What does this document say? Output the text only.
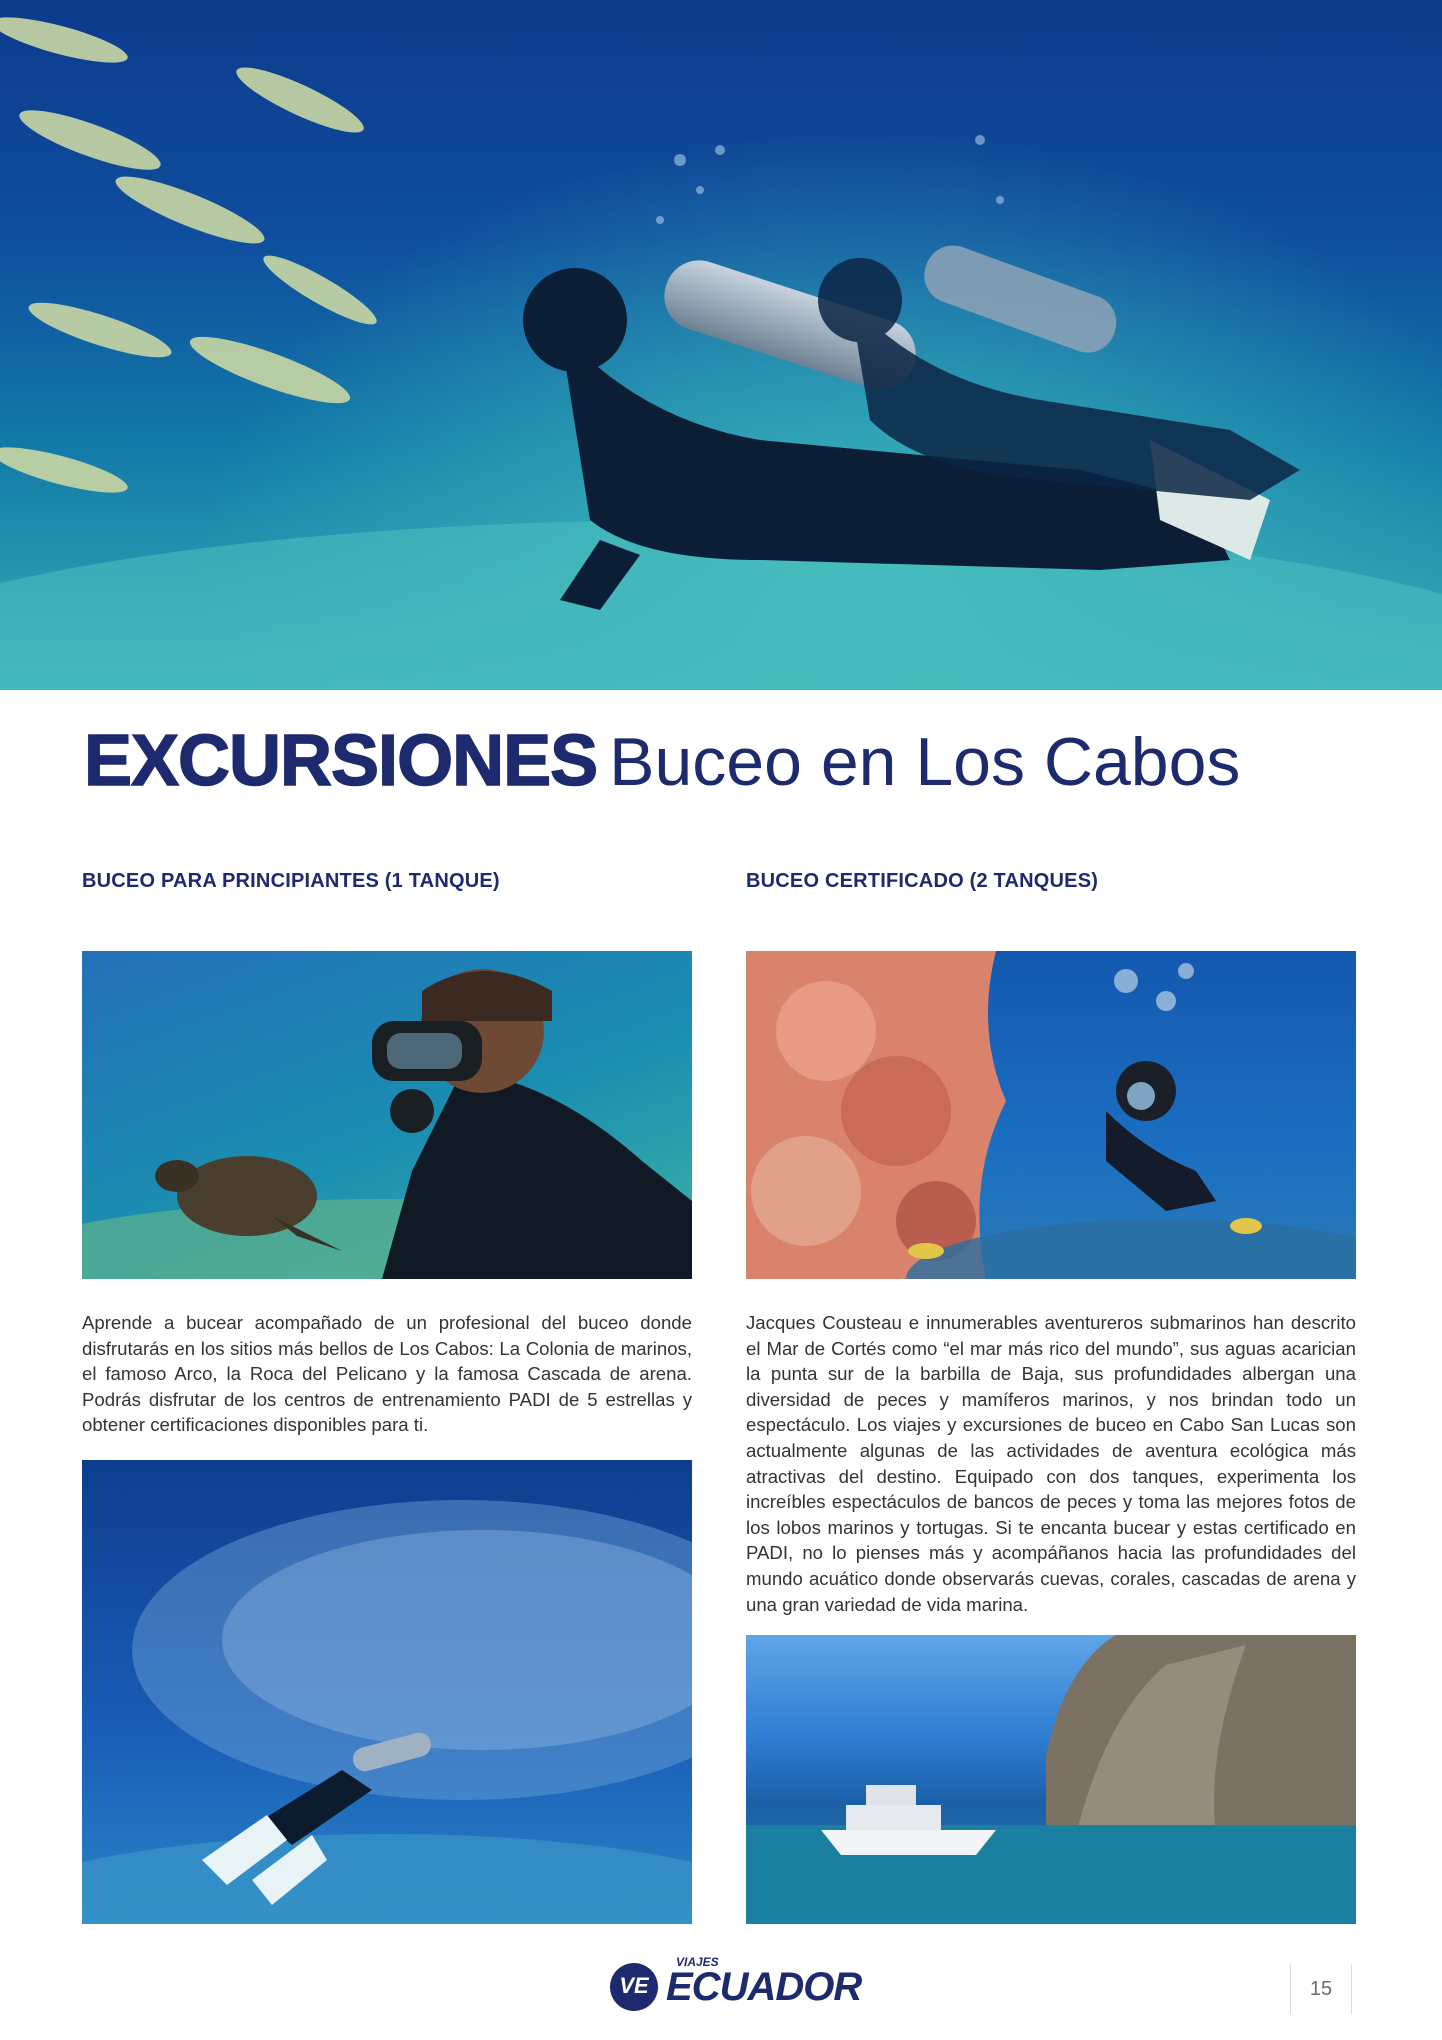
EXCURSIONES Buceo en Los Cabos
BUCEO PARA PRINCIPIANTES (1 TANQUE)

Aprende a bucear acompañado de un profesional del buceo donde disfrutarás en los sitios más bellos de Los Cabos: La Colonia de marinos, el famoso Arco, la Roca del Pelicano y la famosa Cascada de arena. Podrás disfrutar de los centros de entrenamiento PADI de 5 estrellas y obtener certificaciones disponibles para ti.

BUCEO CERTIFICADO (2 TANQUES)

Jacques Cousteau e innumerables aventureros submarinos han descrito el Mar de Cortés como “el mar más rico del mundo”, sus aguas acarician la punta sur de la barbilla de Baja, sus profundidades albergan una diversidad de peces y mamíferos marinos, y nos brindan todo un espectáculo. Los viajes y excursiones de buceo en Cabo San Lucas son actualmente algunas de las actividades de aventura ecológica más atractivas del destino. Equipado con dos tanques, experimenta los increíbles espectáculos de bancos de peces y toma las mejores fotos de los lobos marinos y tortugas. Si te encanta bucear y estas certificado en PADI, no lo pienses más y acompáñanos hacia las profundidades del mundo acuático donde observarás cuevas, corales, cascadas de arena y una gran variedad de vida marina.

VE
VIAJES
ECUADOR	15
